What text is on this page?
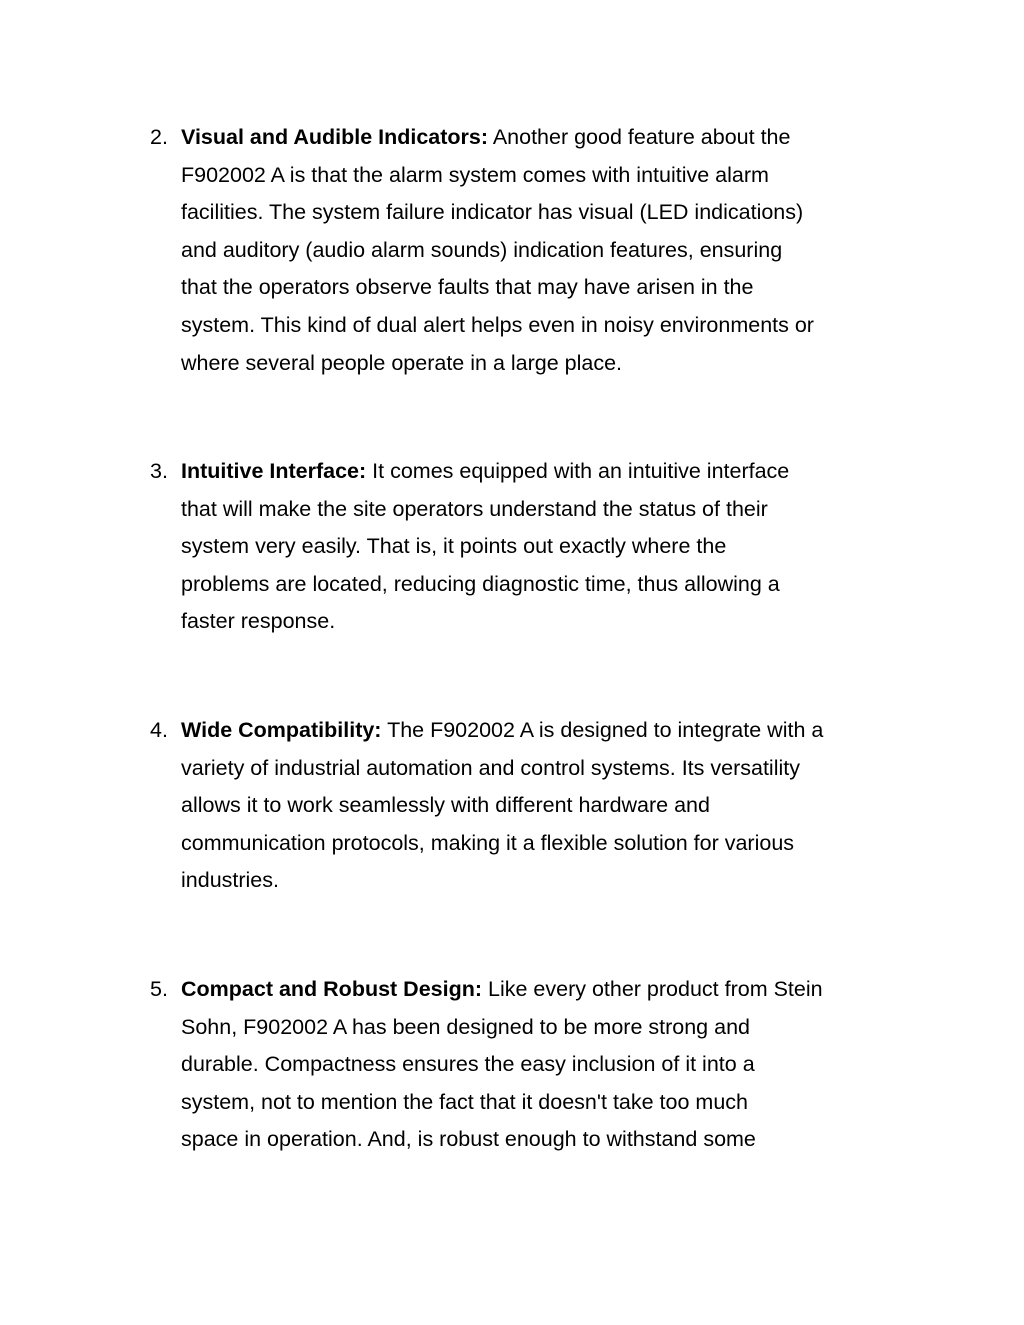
2. Visual and Audible Indicators: Another good feature about the
F902002 A is that the alarm system comes with intuitive alarm
facilities. The system failure indicator has visual (LED indications)
and auditory (audio alarm sounds) indication features, ensuring
that the operators observe faults that may have arisen in the
system. This kind of dual alert helps even in noisy environments or
where several people operate in a large place.
3. Intuitive Interface: It comes equipped with an intuitive interface
that will make the site operators understand the status of their
system very easily. That is, it points out exactly where the
problems are located, reducing diagnostic time, thus allowing a
faster response.
4. Wide Compatibility: The F902002 A is designed to integrate with a
variety of industrial automation and control systems. Its versatility
allows it to work seamlessly with different hardware and
communication protocols, making it a flexible solution for various
industries.
5. Compact and Robust Design: Like every other product from Stein
Sohn, F902002 A has been designed to be more strong and
durable. Compactness ensures the easy inclusion of it into a
system, not to mention the fact that it doesn't take too much
space in operation. And, is robust enough to withstand some
